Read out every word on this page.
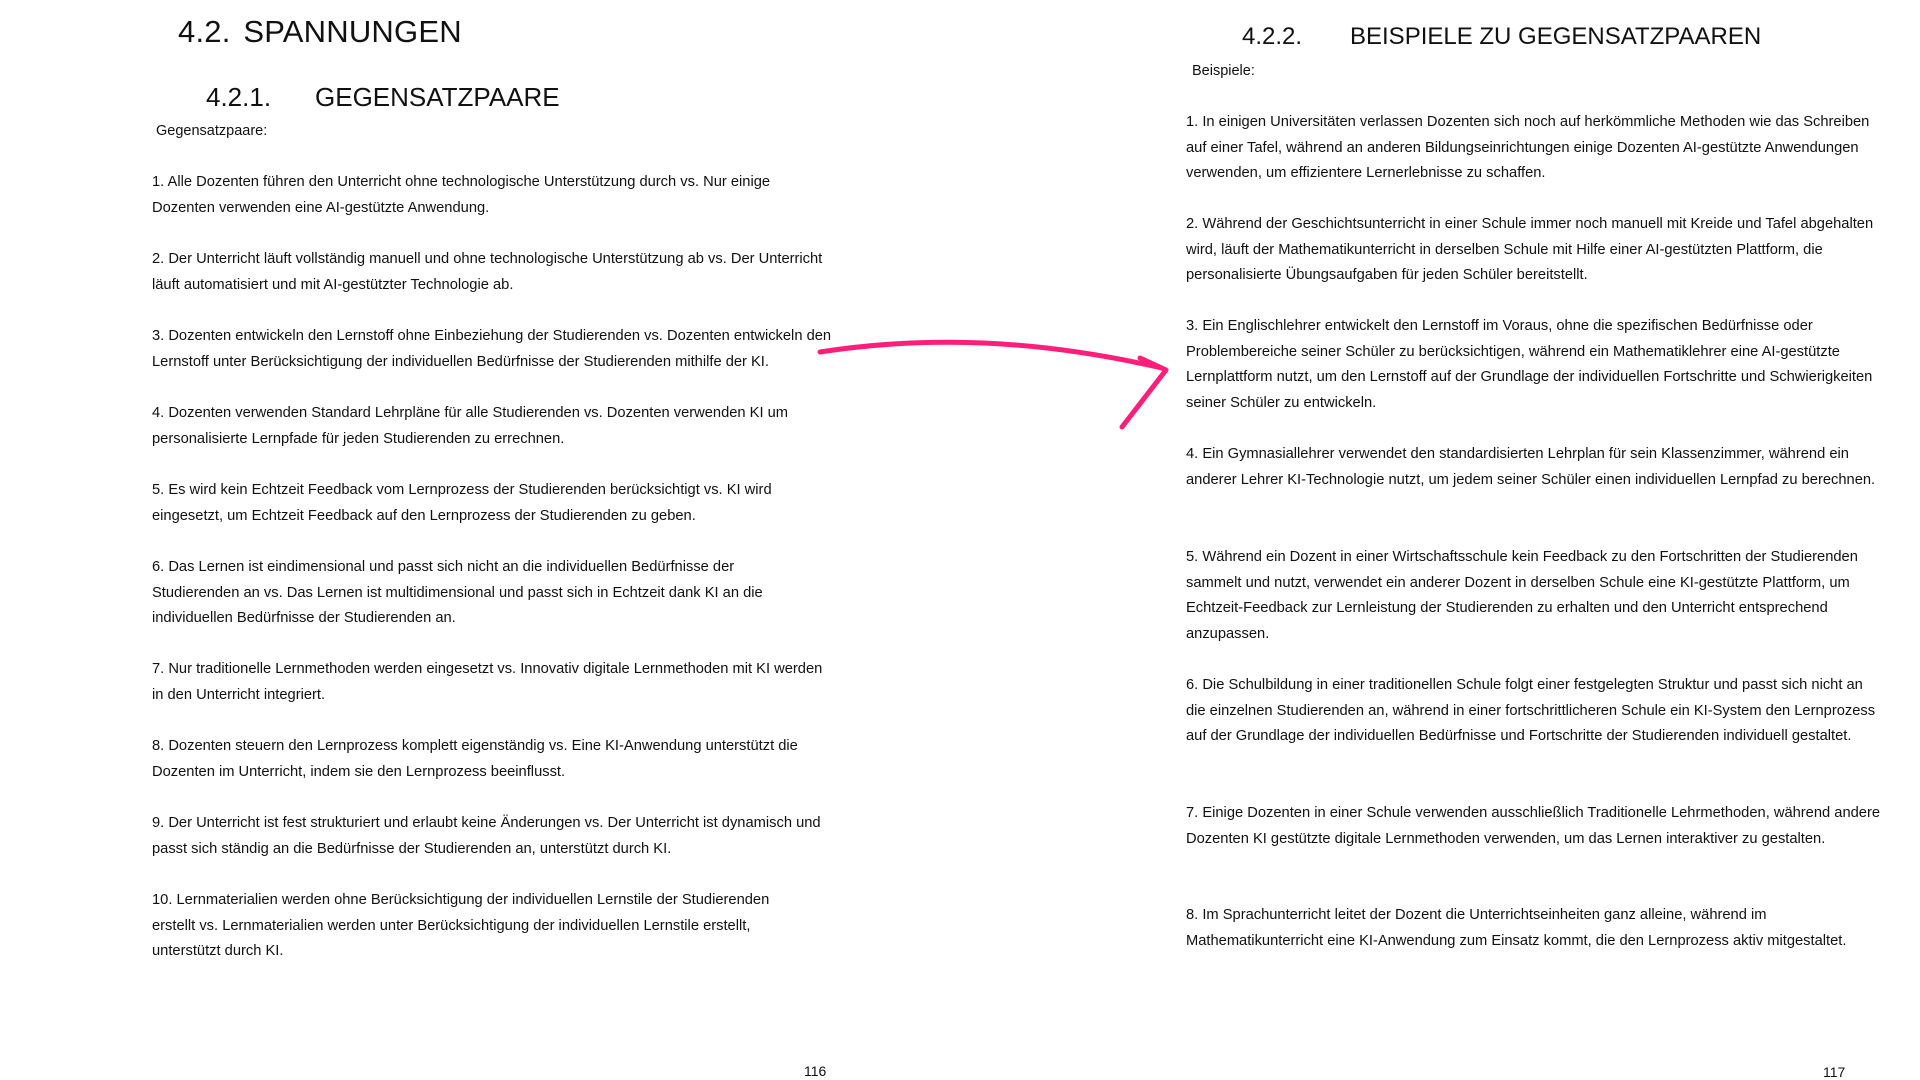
4.2. SPANNUNGEN
4.2.1. GEGENSATZPAARE
Gegensatzpaare:

1. Alle Dozenten führen den Unterricht ohne technologische Unterstützung durch vs. Nur einige Dozenten verwenden eine AI-gestützte Anwendung.

2. Der Unterricht läuft vollständig manuell und ohne technologische Unterstützung ab vs. Der Unterricht läuft automatisiert und mit AI-gestützter Technologie ab.

3. Dozenten entwickeln den Lernstoff ohne Einbeziehung der Studierenden vs. Dozenten entwickeln den Lernstoff unter Berücksichtigung der individuellen Bedürfnisse der Studierenden mithilfe der KI.

4. Dozenten verwenden Standard Lehrpläne für alle Studierenden vs. Dozenten verwenden KI um personalisierte Lernpfade für jeden Studierenden zu errechnen.

5. Es wird kein Echtzeit Feedback vom Lernprozess der Studierenden berücksichtigt vs. KI wird eingesetzt, um Echtzeit Feedback auf den Lernprozess der Studierenden zu geben.

6. Das Lernen ist eindimensional und passt sich nicht an die individuellen Bedürfnisse der Studierenden an vs. Das Lernen ist multidimensional und passt sich in Echtzeit dank KI an die individuellen Bedürfnisse der Studierenden an.

7. Nur traditionelle Lernmethoden werden eingesetzt vs. Innovativ digitale Lernmethoden mit KI werden in den Unterricht integriert.

8. Dozenten steuern den Lernprozess komplett eigenständig vs. Eine KI-Anwendung unterstützt die Dozenten im Unterricht, indem sie den Lernprozess beeinflusst.

9. Der Unterricht ist fest strukturiert und erlaubt keine Änderungen vs. Der Unterricht ist dynamisch und passt sich ständig an die Bedürfnisse der Studierenden an, unterstützt durch KI.

10. Lernmaterialien werden ohne Berücksichtigung der individuellen Lernstile der Studierenden erstellt vs. Lernmaterialien werden unter Berücksichtigung der individuellen Lernstile erstellt, unterstützt durch KI.

116
4.2.2. BEISPIELE ZU GEGENSATZPAAREN
Beispiele:

1. In einigen Universitäten verlassen Dozenten sich noch auf herkömmliche Methoden wie das Schreiben auf einer Tafel, während an anderen Bildungseinrichtungen einige Dozenten AI-gestützte Anwendungen verwenden, um effizientere Lernerlebnisse zu schaffen.

2. Während der Geschichtsunterricht in einer Schule immer noch manuell mit Kreide und Tafel abgehalten wird, läuft der Mathematikunterricht in derselben Schule mit Hilfe einer AI-gestützten Plattform, die personalisierte Übungsaufgaben für jeden Schüler bereitstellt.

3. Ein Englischlehrer entwickelt den Lernstoff im Voraus, ohne die spezifischen Bedürfnisse oder Problembereiche seiner Schüler zu berücksichtigen, während ein Mathematiklehrer eine AI-gestützte Lernplattform nutzt, um den Lernstoff auf der Grundlage der individuellen Fortschritte und Schwierigkeiten seiner Schüler zu entwickeln.

4. Ein Gymnasiallehrer verwendet den standardisierten Lehrplan für sein Klassenzimmer, während ein anderer Lehrer KI-Technologie nutzt, um jedem seiner Schüler einen individuellen Lernpfad zu berechnen.

5. Während ein Dozent in einer Wirtschaftsschule kein Feedback zu den Fortschritten der Studierenden sammelt und nutzt, verwendet ein anderer Dozent in derselben Schule eine KI-gestützte Plattform, um Echtzeit-Feedback zur Lernleistung der Studierenden zu erhalten und den Unterricht entsprechend anzupassen.

6. Die Schulbildung in einer traditionellen Schule folgt einer festgelegten Struktur und passt sich nicht an die einzelnen Studierenden an, während in einer fortschrittlicheren Schule ein KI-System den Lernprozess auf der Grundlage der individuellen Bedürfnisse und Fortschritte der Studierenden individuell gestaltet.

7. Einige Dozenten in einer Schule verwenden ausschließlich Traditionelle Lehrmethoden, während andere Dozenten KI gestützte digitale Lernmethoden verwenden, um das Lernen interaktiver zu gestalten.

8. Im Sprachunterricht leitet der Dozent die Unterrichtseinheiten ganz alleine, während im Mathematikunterricht eine KI-Anwendung zum Einsatz kommt, die den Lernprozess aktiv mitgestaltet.

117
